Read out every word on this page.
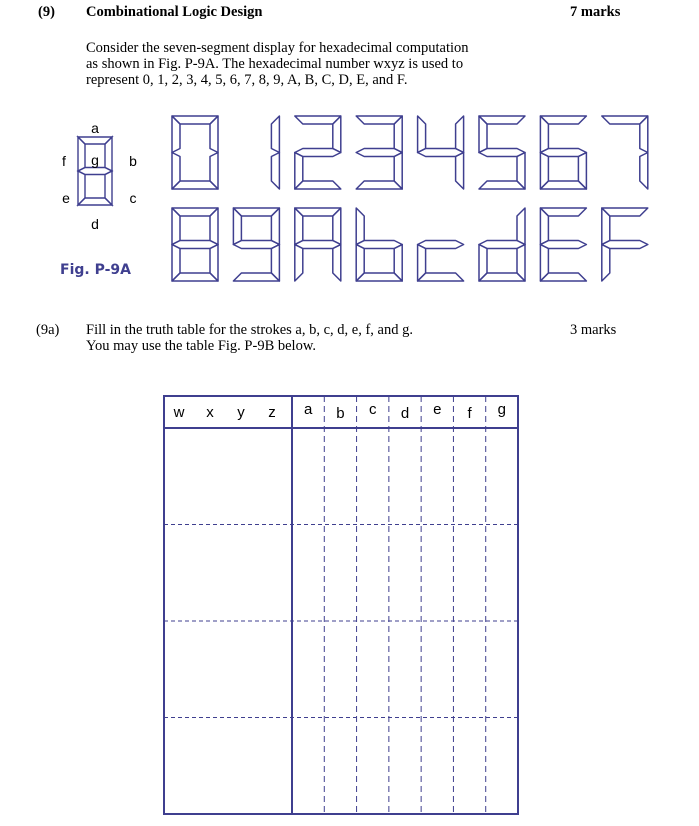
(9) Combinational Logic Design	7 marks
Consider the seven-segment display for hexadecimal computation
as shown in Fig. P-9A. The hexadecimal number wxyz is used to
represent 0, 1, 2, 3, 4, 5, 6, 7, 8, 9, A, B, C, D, E, and F.
a
b
c
d
e
f g
Fig. P-9A
(9a) Fill in the truth table for the strokes a, b, c, d, e, f, and g.
You may use the table Fig. P-9B below.
3 marks
w x y z a b c d e f g
